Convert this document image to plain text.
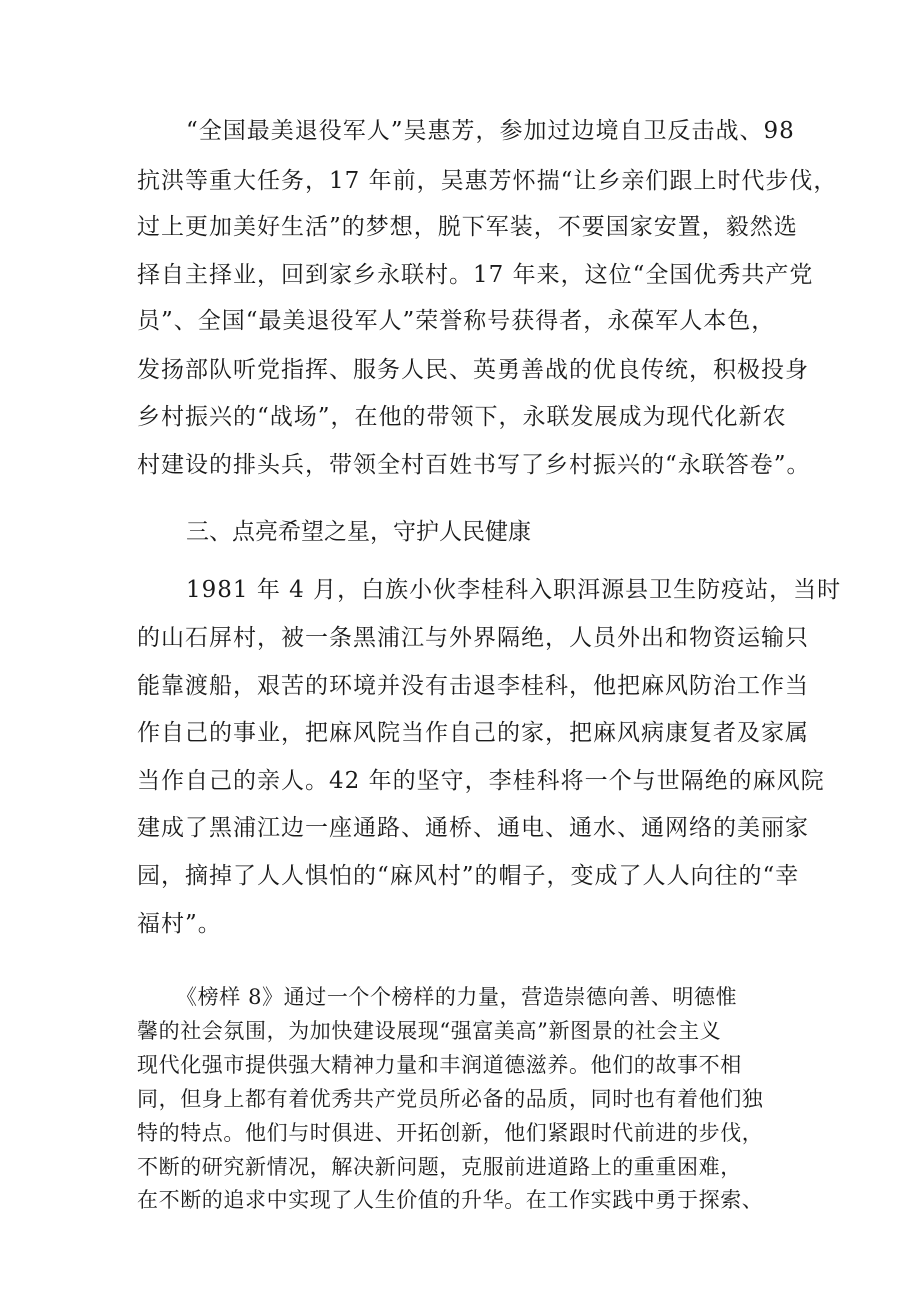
“全国最美退役军人”吴惠芳，参加过边境自卫反击战、98
抗洪等重大任务，17 年前，吴惠芳怀揣“让乡亲们跟上时代步伐，
过上更加美好生活”的梦想，脱下军装，不要国家安置，毅然选
择自主择业，回到家乡永联村。17 年来，这位“全国优秀共产党
员”、全国“最美退役军人”荣誉称号获得者，永葆军人本色，
发扬部队听党指挥、服务人民、英勇善战的优良传统，积极投身
乡村振兴的“战场”，在他的带领下，永联发展成为现代化新农
村建设的排头兵，带领全村百姓书写了乡村振兴的“永联答卷”。
三、点亮希望之星，守护人民健康
1981 年 4 月，白族小伙李桂科入职洱源县卫生防疫站，当时
的山石屏村，被一条黑浦江与外界隔绝，人员外出和物资运输只
能靠渡船，艰苦的环境并没有击退李桂科，他把麻风防治工作当
作自己的事业，把麻风院当作自己的家，把麻风病康复者及家属
当作自己的亲人。42 年的坚守，李桂科将一个与世隔绝的麻风院
建成了黑浦江边一座通路、通桥、通电、通水、通网络的美丽家
园，摘掉了人人惧怕的“麻风村”的帽子，变成了人人向往的“幸
福村”。
《榜样 8》通过一个个榜样的力量，营造崇德向善、明德惟
馨的社会氛围，为加快建设展现“强富美高”新图景的社会主义
现代化强市提供强大精神力量和丰润道德滋养。他们的故事不相
同，但身上都有着优秀共产党员所必备的品质，同时也有着他们独
特的特点。他们与时俱进、开拓创新，他们紧跟时代前进的步伐，
不断的研究新情况，解决新问题，克服前进道路上的重重困难，
在不断的追求中实现了人生价值的升华。在工作实践中勇于探索、
